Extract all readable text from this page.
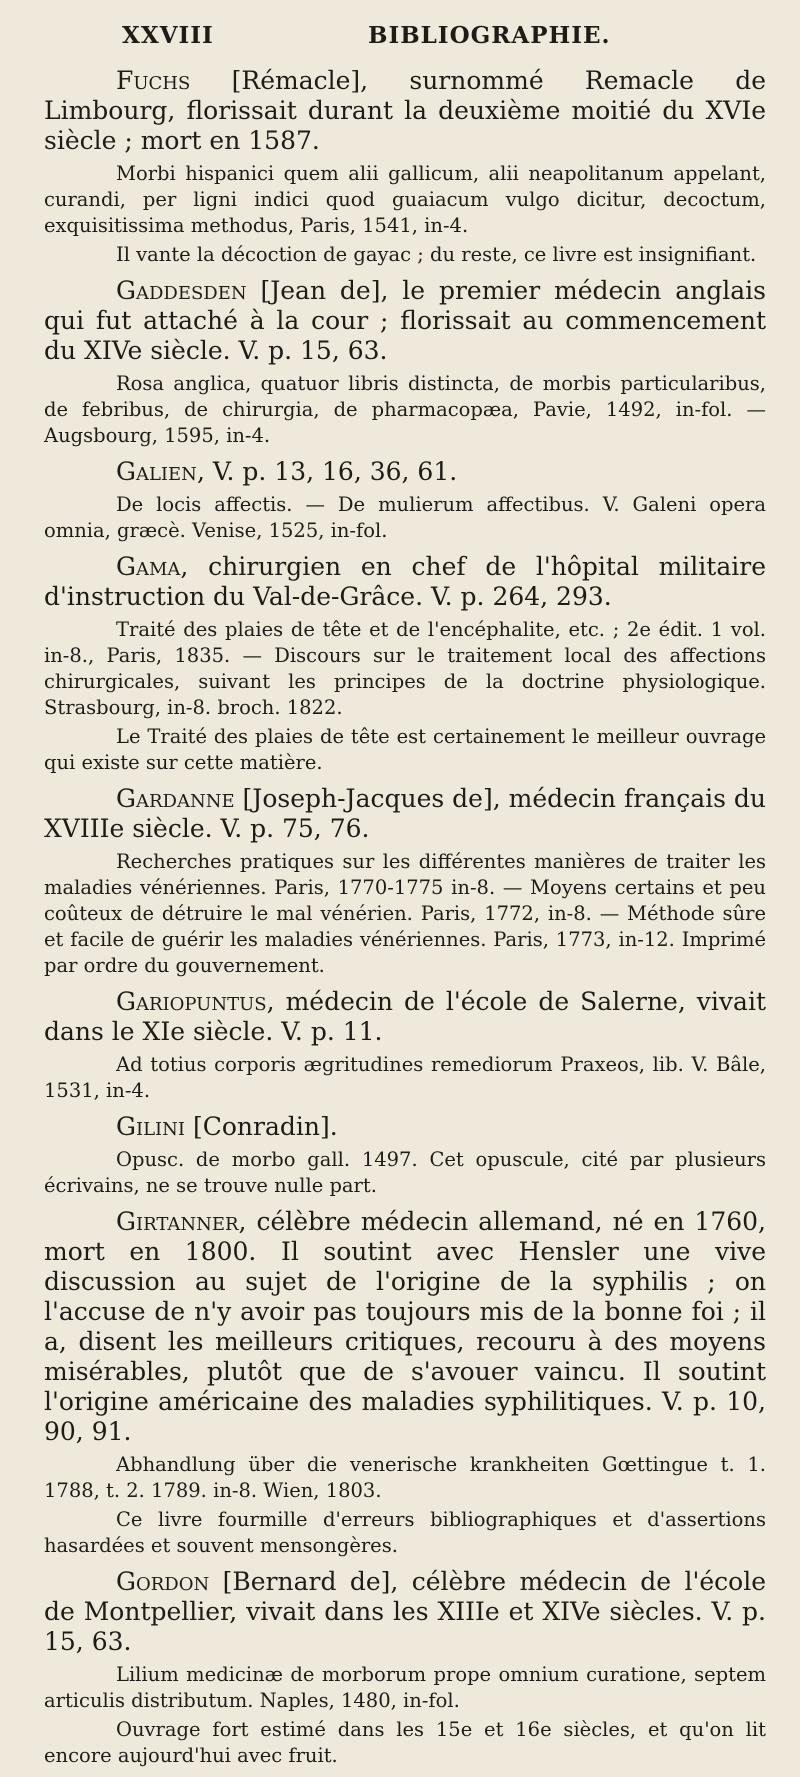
XXVIII	BIBLIOGRAPHIE.

Fuchs [Rémacle], surnommé Remacle de Limbourg, florissait durant la deuxième moitié du XVIe siècle ; mort en 1587.

Morbi hispanici quem alii gallicum, alii neapolitanum appelant, curandi, per ligni indici quod guaiacum vulgo dicitur, decoctum, exquisitissima methodus, Paris, 1541, in-4.

Il vante la décoction de gayac ; du reste, ce livre est insignifiant.

Gaddesden [Jean de], le premier médecin anglais qui fut attaché à la cour ; florissait au commencement du XIVe siècle. V. p. 15, 63.

Rosa anglica, quatuor libris distincta, de morbis particularibus, de febribus, de chirurgia, de pharmacopæa, Pavie, 1492, in-fol. — Augsbourg, 1595, in-4.

Galien, V. p. 13, 16, 36, 61.

De locis affectis. — De mulierum affectibus. V. Galeni opera omnia, græcè. Venise, 1525, in-fol.

Gama, chirurgien en chef de l'hôpital militaire d'instruction du Val-de-Grâce. V. p. 264, 293.

Traité des plaies de tête et de l'encéphalite, etc. ; 2e édit. 1 vol. in-8., Paris, 1835. — Discours sur le traitement local des affections chirurgicales, suivant les principes de la doctrine physiologique. Strasbourg, in-8. broch. 1822.

Le Traité des plaies de tête est certainement le meilleur ouvrage qui existe sur cette matière.

Gardanne [Joseph-Jacques de], médecin français du XVIIIe siècle. V. p. 75, 76.

Recherches pratiques sur les différentes manières de traiter les maladies vénériennes. Paris, 1770-1775 in-8. — Moyens certains et peu coûteux de détruire le mal vénérien. Paris, 1772, in-8. — Méthode sûre et facile de guérir les maladies vénériennes. Paris, 1773, in-12. Imprimé par ordre du gouvernement.

Gariopuntus, médecin de l'école de Salerne, vivait dans le XIe siècle. V. p. 11.

Ad totius corporis ægritudines remediorum Praxeos, lib. V. Bâle, 1531, in-4.

Gilini [Conradin].

Opusc. de morbo gall. 1497. Cet opuscule, cité par plusieurs écrivains, ne se trouve nulle part.

Girtanner, célèbre médecin allemand, né en 1760, mort en 1800. Il soutint avec Hensler une vive discussion au sujet de l'origine de la syphilis ; on l'accuse de n'y avoir pas toujours mis de la bonne foi ; il a, disent les meilleurs critiques, recouru à des moyens misérables, plutôt que de s'avouer vaincu. Il soutint l'origine américaine des maladies syphilitiques. V. p. 10, 90, 91.

Abhandlung über die venerische krankheiten Gœttingue t. 1. 1788, t. 2. 1789. in-8. Wien, 1803.

Ce livre fourmille d'erreurs bibliographiques et d'assertions hasardées et souvent mensongères.

Gordon [Bernard de], célèbre médecin de l'école de Montpellier, vivait dans les XIIIe et XIVe siècles. V. p. 15, 63.

Lilium medicinæ de morborum prope omnium curatione, septem articulis distributum. Naples, 1480, in-fol.

Ouvrage fort estimé dans les 15e et 16e siècles, et qu'on lit encore aujourd'hui avec fruit.
